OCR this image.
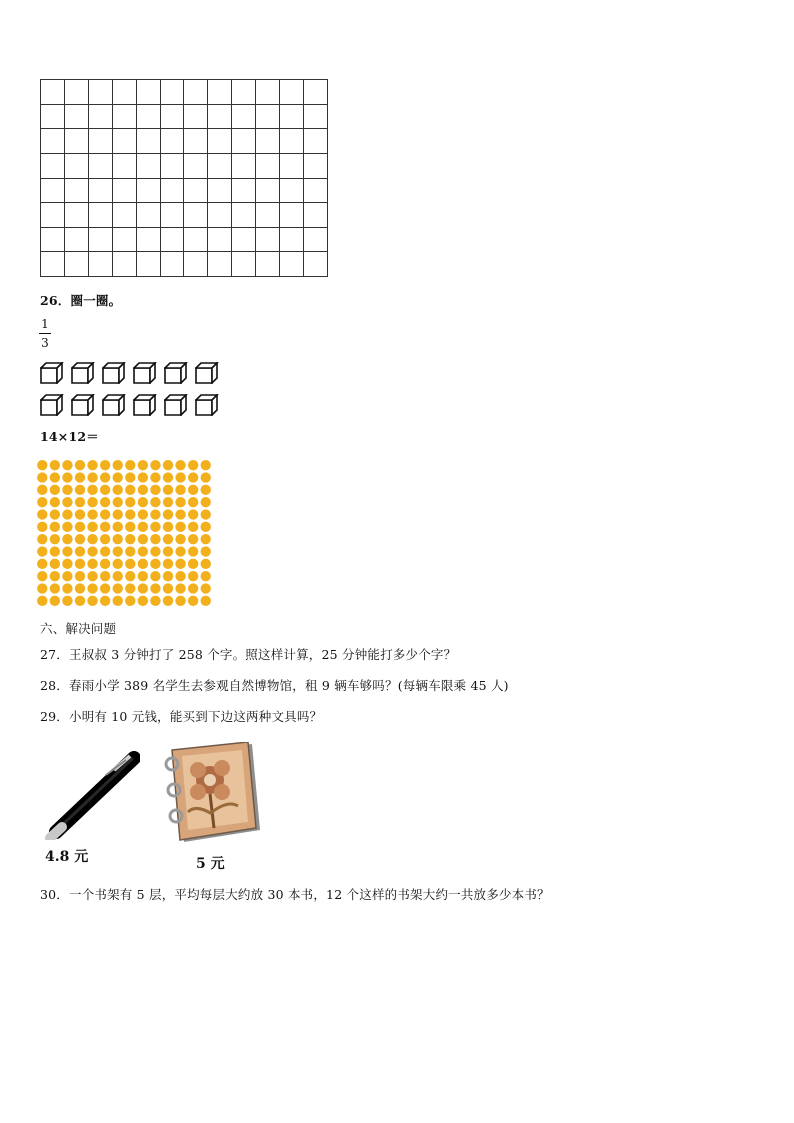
26．圈一圈。
1
3
14×12＝
六、解决问题
27．王叔叔 3 分钟打了 258 个字。照这样计算，25 分钟能打多少个字？
28．春雨小学 389 名学生去参观自然博物馆，租 9 辆车够吗？(每辆车限乘 45 人)
29．小明有 10 元钱，能买到下边这两种文具吗？
4.8 元	5 元
30．一个书架有 5 层，平均每层大约放 30 本书，12 个这样的书架大约一共放多少本书？
